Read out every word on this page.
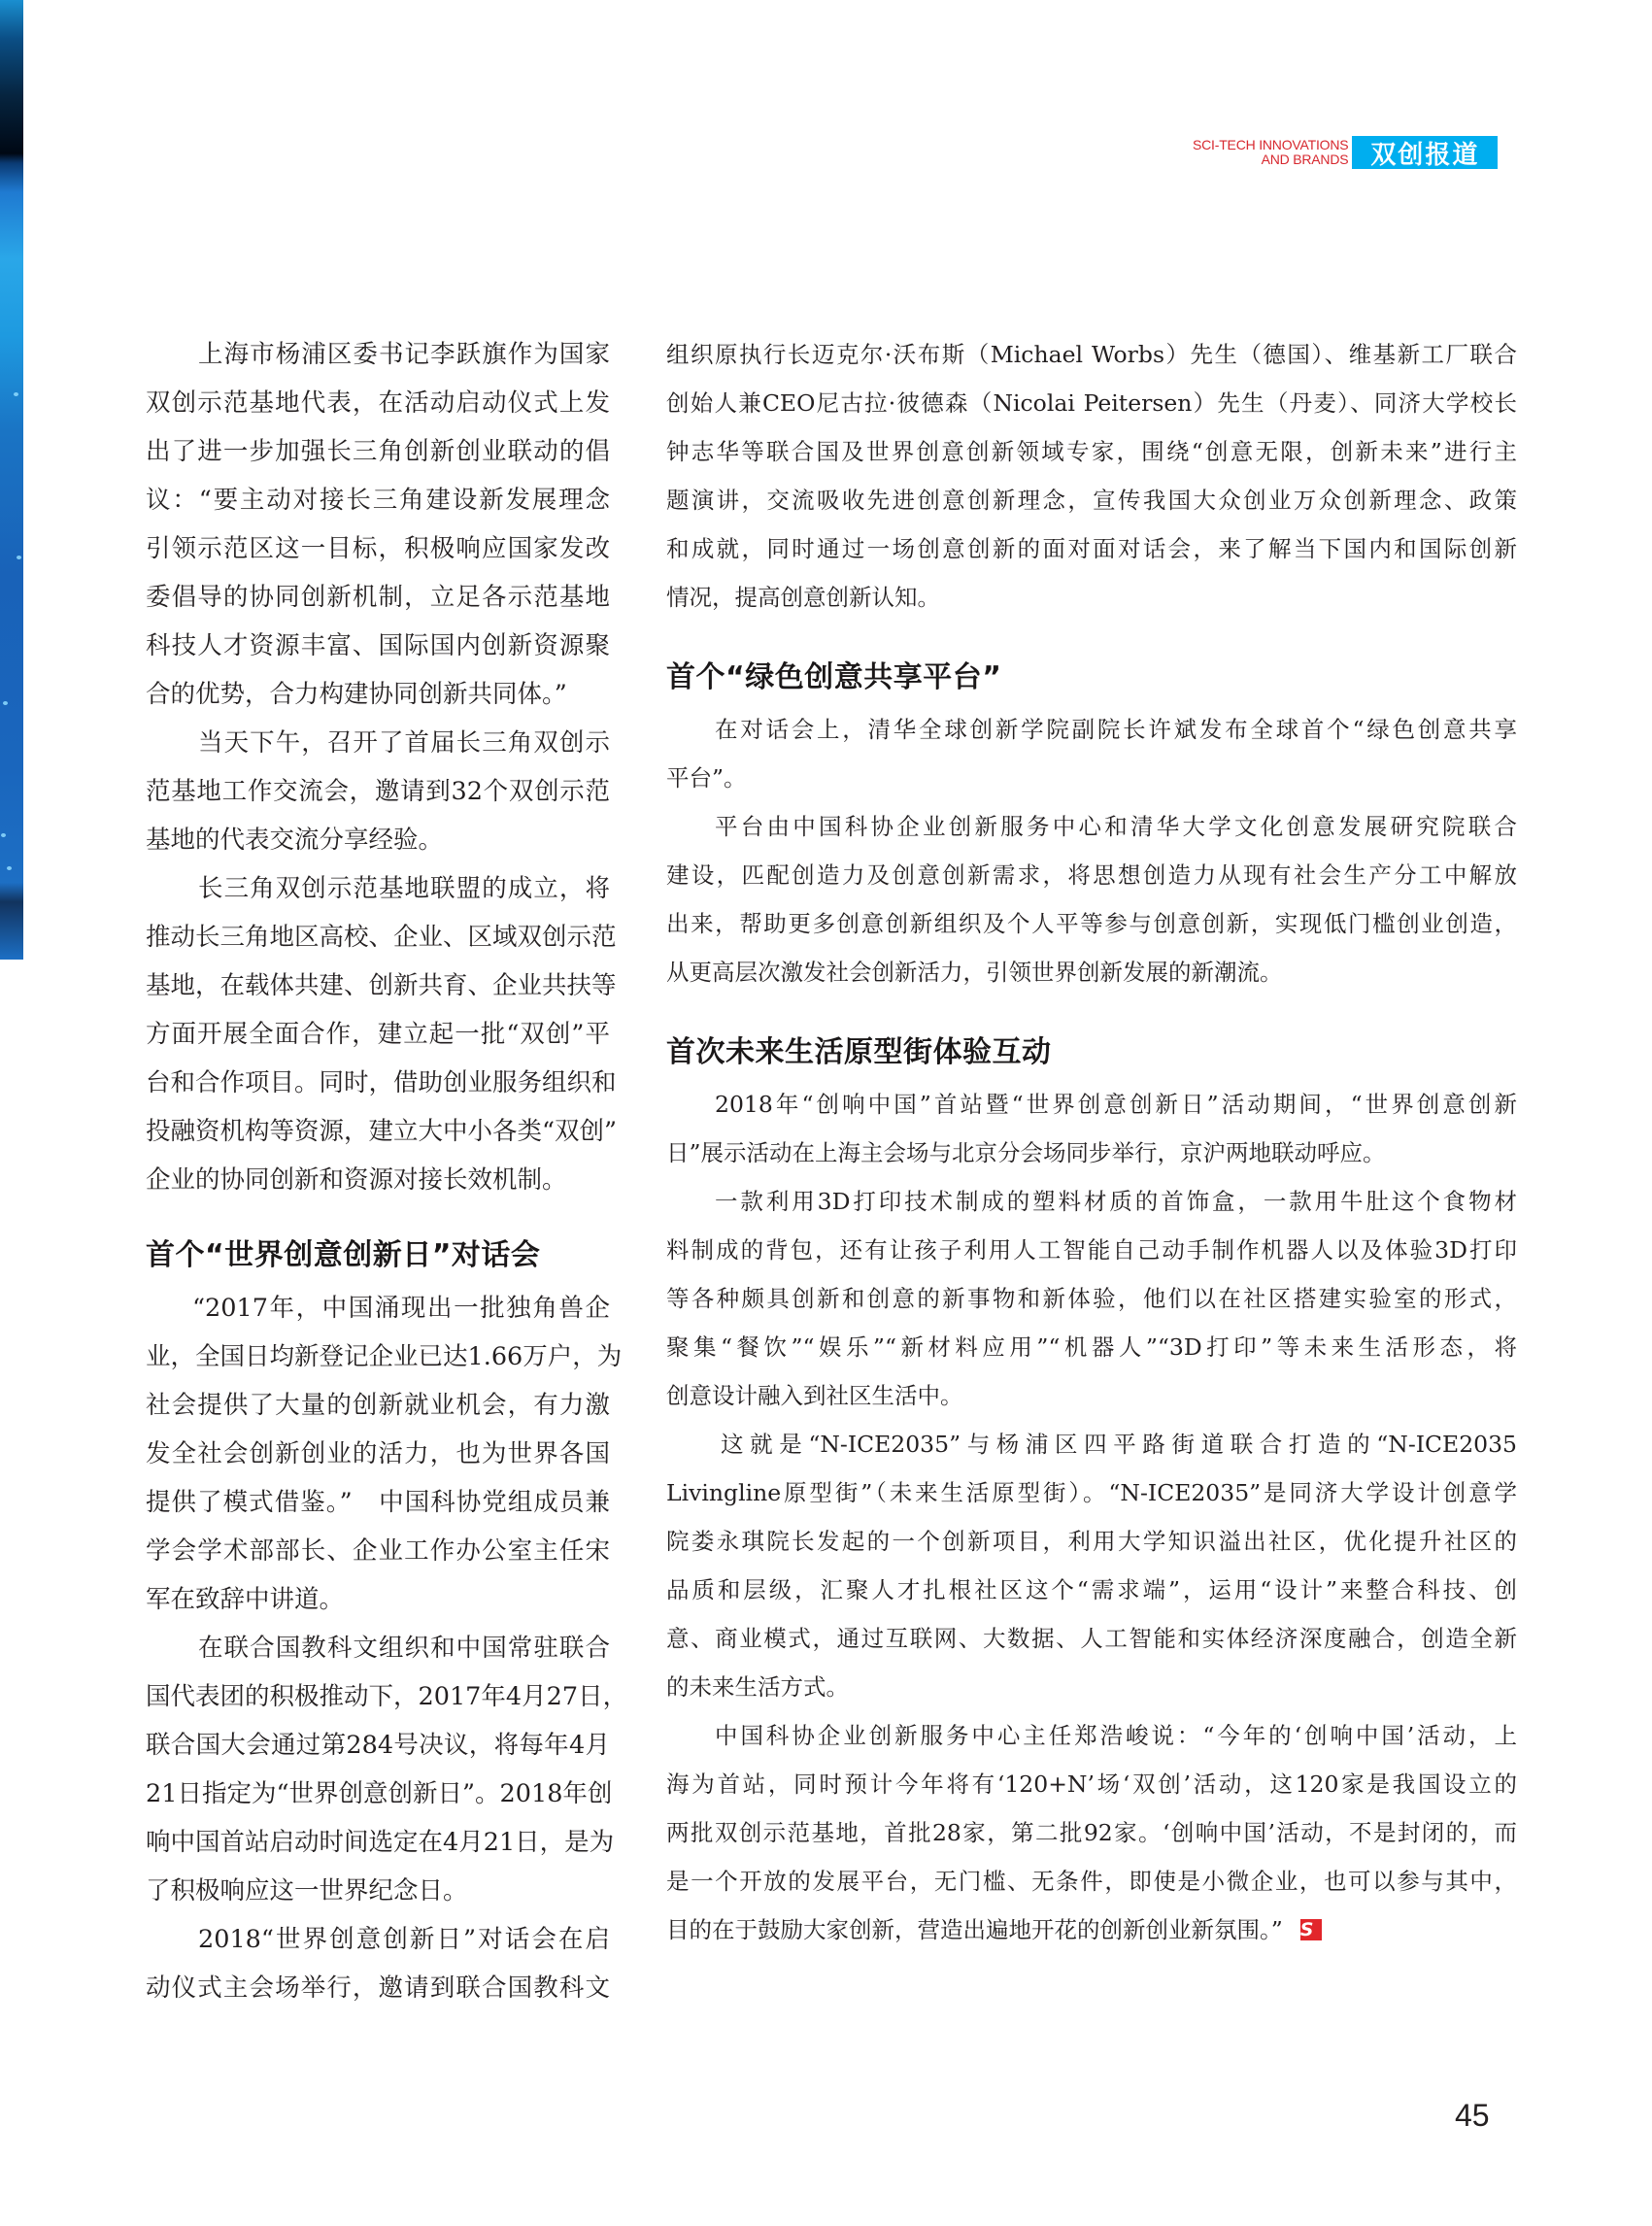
SCI-TECH INNOVATIONS
AND BRANDS 双创报道
上海市杨浦区委书记李跃旗作为国家
双创示范基地代表，在活动启动仪式上发
出了进一步加强长三角创新创业联动的倡
议：“要主动对接长三角建设新发展理念
引领示范区这一目标，积极响应国家发改
委倡导的协同创新机制，立足各示范基地
科技人才资源丰富、国际国内创新资源聚
合的优势，合力构建协同创新共同体。”
当天下午，召开了首届长三角双创示
范基地工作交流会，邀请到32个双创示范
基地的代表交流分享经验。
长三角双创示范基地联盟的成立，将
推动长三角地区高校、企业、区域双创示范
基地，在载体共建、创新共育、企业共扶等
方面开展全面合作，建立起一批“双创”平
台和合作项目。同时，借助创业服务组织和
投融资机构等资源，建立大中小各类“双创”
企业的协同创新和资源对接长效机制。
首个“世界创意创新日”对话会
“2017年，中国涌现出一批独角兽企
业，全国日均新登记企业已达1.66万户，为
社会提供了大量的创新就业机会，有力激
发全社会创新创业的活力，也为世界各国
提供了模式借鉴。”　中国科协党组成员兼
学会学术部部长、企业工作办公室主任宋
军在致辞中讲道。
在联合国教科文组织和中国常驻联合
国代表团的积极推动下，2017年4月27日，
联合国大会通过第284号决议，将每年4月
21日指定为“世界创意创新日”。2018年创
响中国首站启动时间选定在4月21日，是为
了积极响应这一世界纪念日。
2018“世界创意创新日”对话会在启
动仪式主会场举行，邀请到联合国教科文
组织原执行长迈克尔·沃布斯（Michael Worbs）先生（德国）、维基新工厂联合
创始人兼CEO尼古拉·彼德森（Nicolai Peitersen）先生（丹麦）、同济大学校长
钟志华等联合国及世界创意创新领域专家，围绕“创意无限，创新未来”进行主
题演讲，交流吸收先进创意创新理念，宣传我国大众创业万众创新理念、政策
和成就，同时通过一场创意创新的面对面对话会，来了解当下国内和国际创新
情况，提高创意创新认知。
首个“绿色创意共享平台”
在对话会上，清华全球创新学院副院长许斌发布全球首个“绿色创意共享
平台”。
平台由中国科协企业创新服务中心和清华大学文化创意发展研究院联合
建设，匹配创造力及创意创新需求，将思想创造力从现有社会生产分工中解放
出来，帮助更多创意创新组织及个人平等参与创意创新，实现低门槛创业创造，
从更高层次激发社会创新活力，引领世界创新发展的新潮流。
首次未来生活原型街体验互动
2018年“创响中国”首站暨“世界创意创新日”活动期间，“世界创意创新
日”展示活动在上海主会场与北京分会场同步举行，京沪两地联动呼应。
一款利用3D打印技术制成的塑料材质的首饰盒，一款用牛肚这个食物材
料制成的背包，还有让孩子利用人工智能自己动手制作机器人以及体验3D打印
等各种颇具创新和创意的新事物和新体验，他们以在社区搭建实验室的形式，
聚集“餐饮”“娱乐”“新材料应用”“机器人”“3D打印”等未来生活形态，将
创意设计融入到社区生活中。
这就是“N-ICE2035”与杨浦区四平路街道联合打造的“N-ICE2035
Livingline原型街”（未来生活原型街）。“N-ICE2035”是同济大学设计创意学
院娄永琪院长发起的一个创新项目，利用大学知识溢出社区，优化提升社区的
品质和层级，汇聚人才扎根社区这个“需求端”，运用“设计”来整合科技、创
意、商业模式，通过互联网、大数据、人工智能和实体经济深度融合，创造全新
的未来生活方式。
中国科协企业创新服务中心主任郑浩峻说：“今年的‘创响中国’活动，上
海为首站，同时预计今年将有‘120+N’场‘双创’活动，这120家是我国设立的
两批双创示范基地，首批28家，第二批92家。‘创响中国’活动，不是封闭的，而
是一个开放的发展平台，无门槛、无条件，即使是小微企业，也可以参与其中，
目的在于鼓励大家创新，营造出遍地开花的创新创业新氛围。” S
45
